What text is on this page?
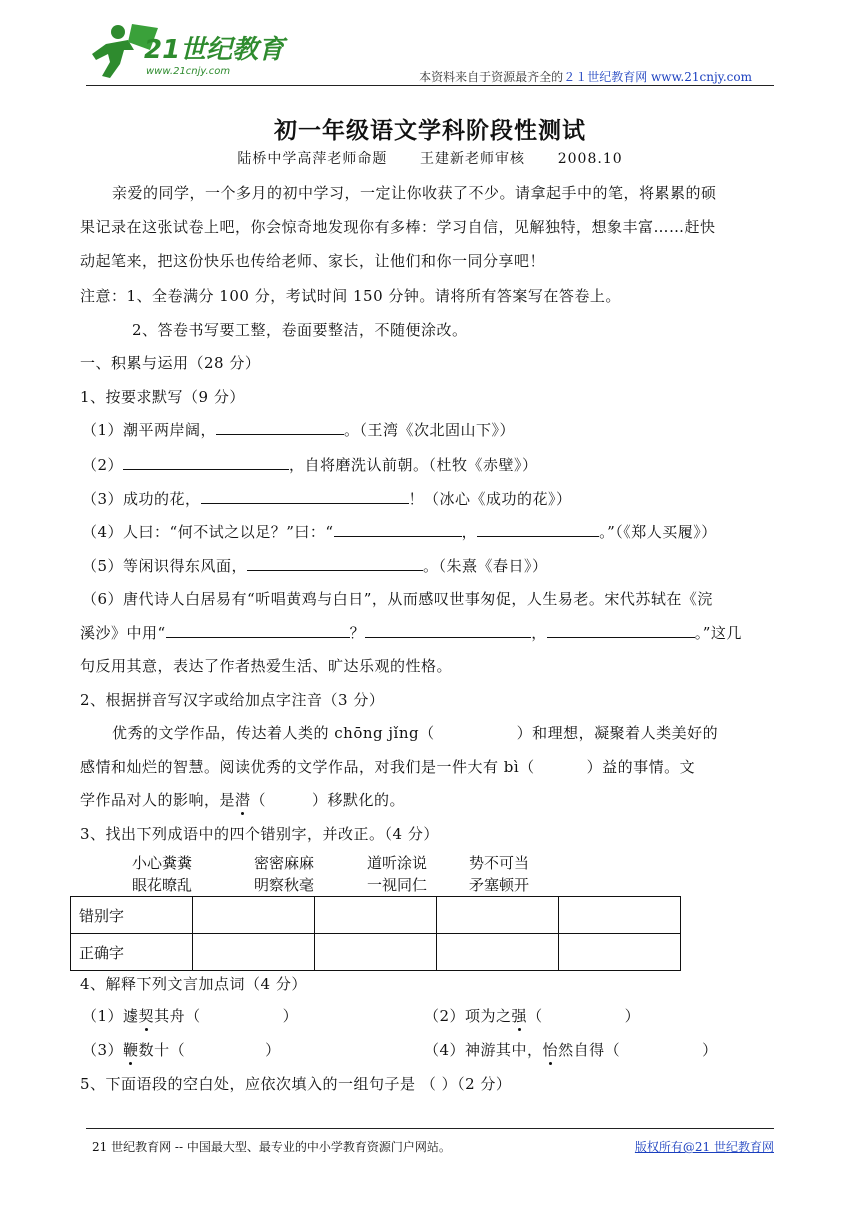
21世纪教育
www.21cnjy.com	本资料来自于资源最齐全的２１世纪教育网 www.21cnjy.com
初一年级语文学科阶段性测试
陆桥中学高萍老师命题      王建新老师审核      2008.10
亲爱的同学，一个多月的初中学习，一定让你收获了不少。请拿起手中的笔，将累累的硕
果记录在这张试卷上吧，你会惊奇地发现你有多棒：学习自信，见解独特，想象丰富……赶快
动起笔来，把这份快乐也传给老师、家长，让他们和你一同分享吧！
注意：1、全卷满分 100 分，考试时间 150 分钟。请将所有答案写在答卷上。
2、答卷书写要工整，卷面要整洁，不随便涂改。
一、积累与运用（28 分）
1、按要求默写（9 分）
（1）潮平两岸阔，	。（王湾《次北固山下》）
（2）	，自将磨洗认前朝。（杜牧《赤壁》）
（3）成功的花，	！（冰心《成功的花》）
（4）人曰：“何不试之以足？”曰：“	，	。”（《郑人买履》）
（5）等闲识得东风面，	。（朱熹《春日》）
（6）唐代诗人白居易有“听唱黄鸡与白日”，从而感叹世事匆促，人生易老。宋代苏轼在《浣
溪沙》中用“	？	，	。”这几
句反用其意，表达了作者热爱生活、旷达乐观的性格。
2、根据拼音写汉字或给加点字注音（3 分）
优秀的文学作品，传达着人类的 chōng jǐng（	）和理想，凝聚着人类美好的
感情和灿烂的智慧。阅读优秀的文学作品，对我们是一件大有 bì（	）益的事情。文
学作品对人的影响，是潜（	）移默化的。
3、找出下列成语中的四个错别字，并改正。（4 分）
小心糞糞	密密麻麻	道听涂说	势不可当
眼花暸乱	明察秋毫	一视同仁	矛塞顿开
错别字				
正确字				
4、解释下列文言加点词（4 分）
（1）遽契其舟（	）	（2）项为之强（	）
（3）鞭数十（	）	（4）神游其中，怡然自得（	）
5、下面语段的空白处，应依次填入的一组句子是 （ ）（2 分）
21 世纪教育网 -- 中国最大型、最专业的中小学教育资源门户网站。	版权所有@21 世纪教育网
